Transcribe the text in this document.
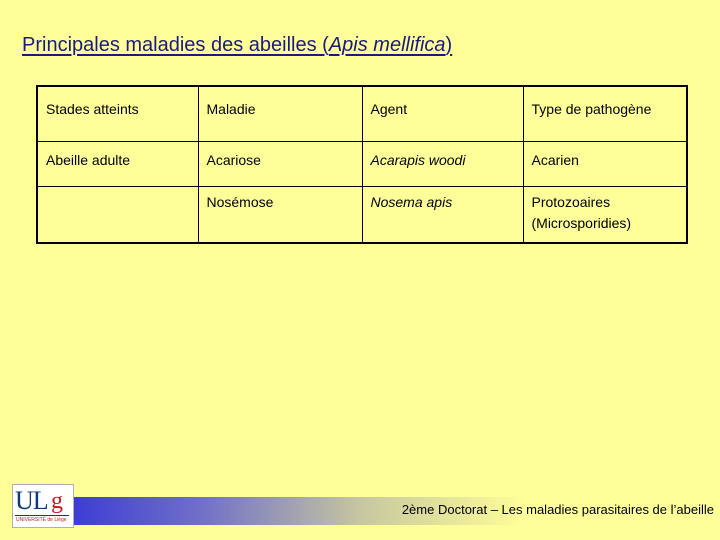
Principales maladies des abeilles (Apis mellifica)
Stades atteints	Maladie	Agent	Type de pathogène
Abeille adulte	Acariose	Acarapis woodi	Acarien
	Nosémose	Nosema apis	Protozoaires (Microsporidies)
2ème Doctorat – Les maladies parasitaires de l’abeille
UL g
UNIVERSITÉ de Liège
